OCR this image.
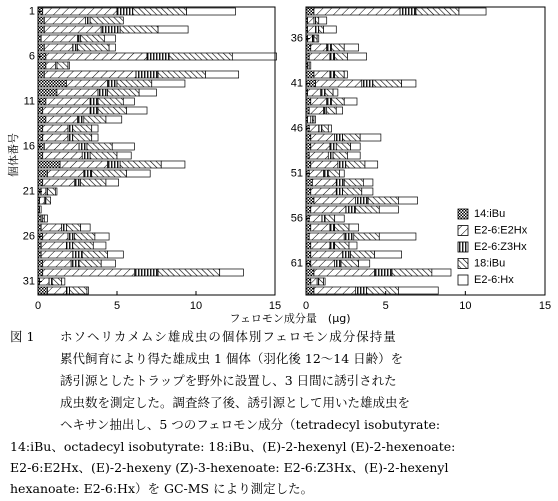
0	5	10	15
1
6
11
16
21
26
31
0	5	10	15
36
41
46
51
56
61
14:iBu
E2-6:E2Hx
E2-6:Z3Hx
18:iBu
E2-6:Hx
個体番号
フェロモン成分量　(μg)
図 1 ホソヘリカメムシ雄成虫の個体別フェロモン成分保持量
累代飼育により得た雄成虫 1 個体（羽化後 12～14 日齢）を
誘引源としたトラップを野外に設置し、3 日間に誘引された
成虫数を測定した。調査終了後、誘引源として用いた雄成虫を
ヘキサン抽出し、5 つのフェロモン成分（tetradecyl isobutyrate:
14:iBu、octadecyl isobutyrate: 18:iBu、(E)-2-hexenyl (E)-2-hexenoate:
E2-6:E2Hx、(E)-2-hexeny (Z)-3-hexenoate: E2-6:Z3Hx、(E)-2-hexenyl
hexanoate: E2-6:Hx）を GC-MS により測定した。
